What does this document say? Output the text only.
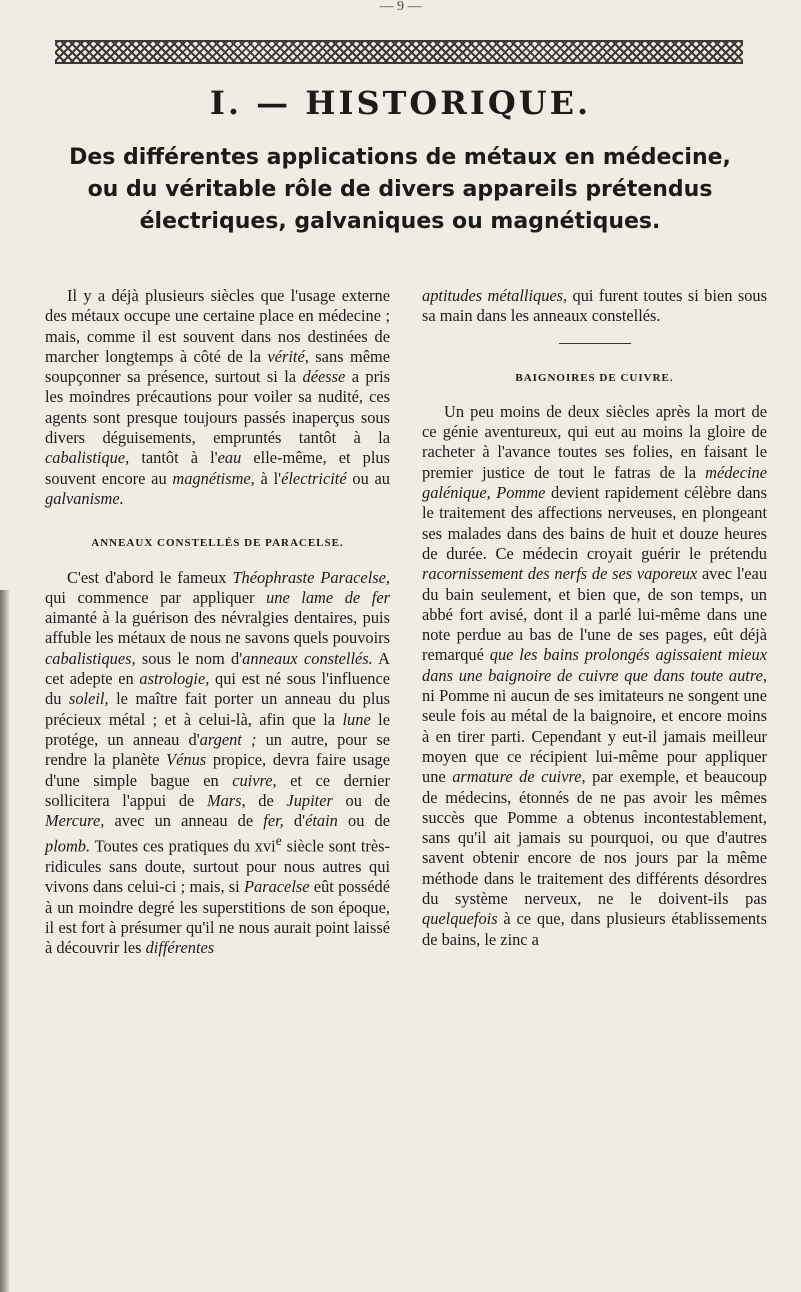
— 9 —
I. — HISTORIQUE.
Des différentes applications de métaux en médecine,
ou du véritable rôle de divers appareils prétendus
électriques, galvaniques ou magnétiques.

Il y a déjà plusieurs siècles que l'usage externe des métaux occupe une certaine place en médecine ; mais, comme il est souvent dans nos destinées de marcher longtemps à côté de la vérité, sans même soupçonner sa présence, surtout si la déesse a pris les moindres précautions pour voiler sa nudité, ces agents sont presque toujours passés inaperçus sous divers déguisements, empruntés tantôt à la cabalistique, tantôt à l'eau elle-même, et plus souvent encore au magnétisme, à l'électricité ou au galvanisme.

ANNEAUX CONSTELLÉS DE PARACELSE.

C'est d'abord le fameux Théophraste Paracelse, qui commence par appliquer une lame de fer aimanté à la guérison des névralgies dentaires, puis affuble les métaux de nous ne savons quels pouvoirs cabalistiques, sous le nom d'anneaux constellés. A cet adepte en astrologie, qui est né sous l'influence du soleil, le maître fait porter un anneau du plus précieux métal ; et à celui-là, afin que la lune le protége, un anneau d'argent ; un autre, pour se rendre la planète Vénus propice, devra faire usage d'une simple bague en cuivre, et ce dernier sollicitera l'appui de Mars, de Jupiter ou de Mercure, avec un anneau de fer, d'étain ou de plomb. Toutes ces pratiques du xvi$^e$ siècle sont très-ridicules sans doute, surtout pour nous autres qui vivons dans celui-ci ; mais, si Paracelse eût possédé à un moindre degré les superstitions de son époque, il est fort à présumer qu'il ne nous aurait point laissé à découvrir les différentes

aptitudes métalliques, qui furent toutes si bien sous sa main dans les anneaux constellés.

BAIGNOIRES DE CUIVRE.

Un peu moins de deux siècles après la mort de ce génie aventureux, qui eut au moins la gloire de racheter à l'avance toutes ses folies, en faisant le premier justice de tout le fatras de la médecine galénique, Pomme devient rapidement célèbre dans le traitement des affections nerveuses, en plongeant ses malades dans des bains de huit et douze heures de durée. Ce médecin croyait guérir le prétendu racornissement des nerfs de ses vaporeux avec l'eau du bain seulement, et bien que, de son temps, un abbé fort avisé, dont il a parlé lui-même dans une note perdue au bas de l'une de ses pages, eût déjà remarqué que les bains prolongés agissaient mieux dans une baignoire de cuivre que dans toute autre, ni Pomme ni aucun de ses imitateurs ne songent une seule fois au métal de la baignoire, et encore moins à en tirer parti. Cependant y eut-il jamais meilleur moyen que ce récipient lui-même pour appliquer une armature de cuivre, par exemple, et beaucoup de médecins, étonnés de ne pas avoir les mêmes succès que Pomme a obtenus incontestablement, sans qu'il ait jamais su pourquoi, ou que d'autres savent obtenir encore de nos jours par la même méthode dans le traitement des différents désordres du système nerveux, ne le doivent-ils pas quelquefois à ce que, dans plusieurs établissements de bains, le zinc a
